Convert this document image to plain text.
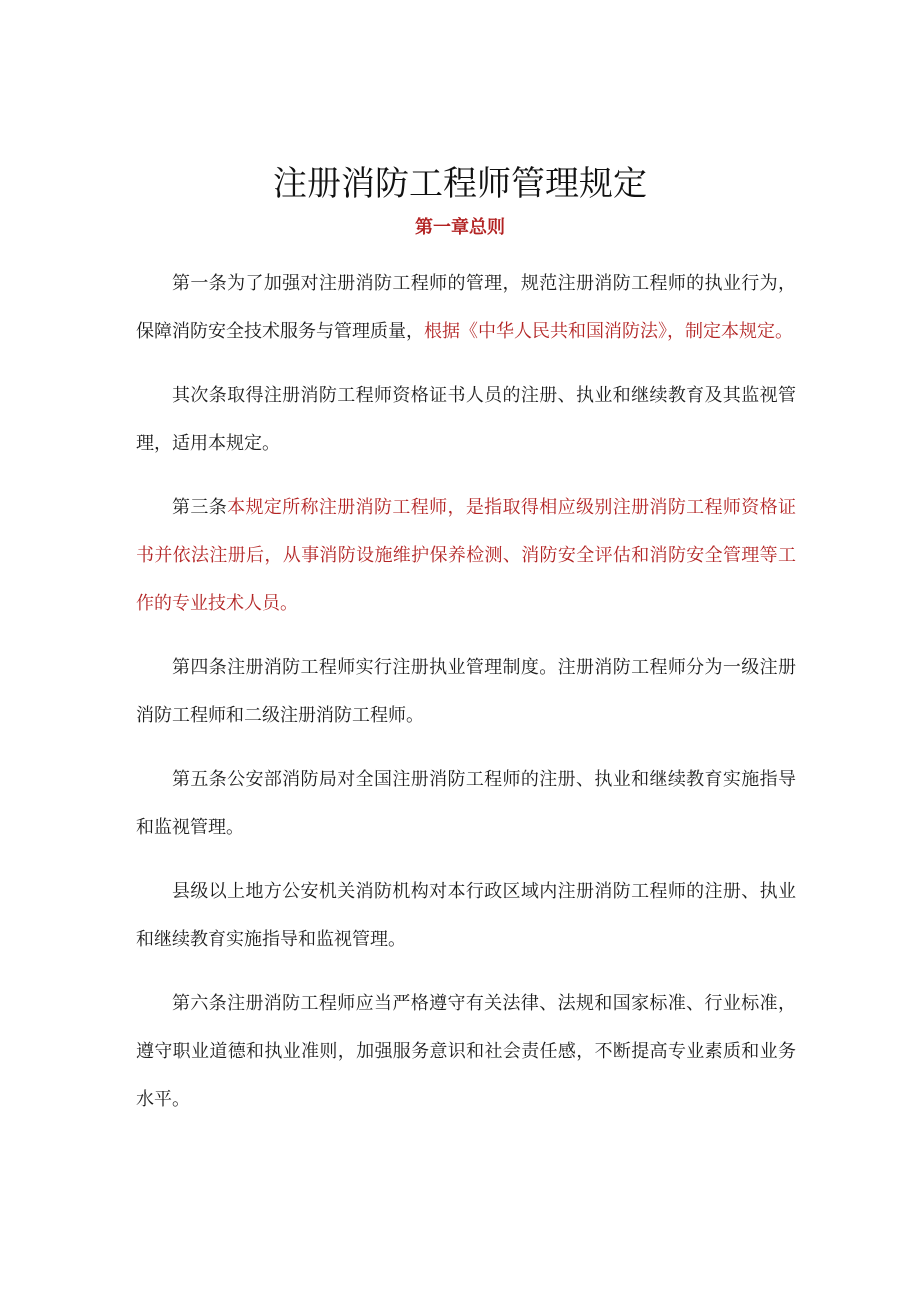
注册消防工程师管理规定
第一章总则

第一条为了加强对注册消防工程师的管理，规范注册消防工程师的执业行为，保障消防安全技术服务与管理质量，根据《中华人民共和国消防法》，制定本规定。

其次条取得注册消防工程师资格证书人员的注册、执业和继续教育及其监视管理，适用本规定。

第三条本规定所称注册消防工程师，是指取得相应级别注册消防工程师资格证书并依法注册后，从事消防设施维护保养检测、消防安全评估和消防安全管理等工作的专业技术人员。

第四条注册消防工程师实行注册执业管理制度。注册消防工程师分为一级注册消防工程师和二级注册消防工程师。

第五条公安部消防局对全国注册消防工程师的注册、执业和继续教育实施指导和监视管理。

县级以上地方公安机关消防机构对本行政区域内注册消防工程师的注册、执业和继续教育实施指导和监视管理。

第六条注册消防工程师应当严格遵守有关法律、法规和国家标准、行业标准，遵守职业道德和执业准则，加强服务意识和社会责任感，不断提高专业素质和业务水平。
